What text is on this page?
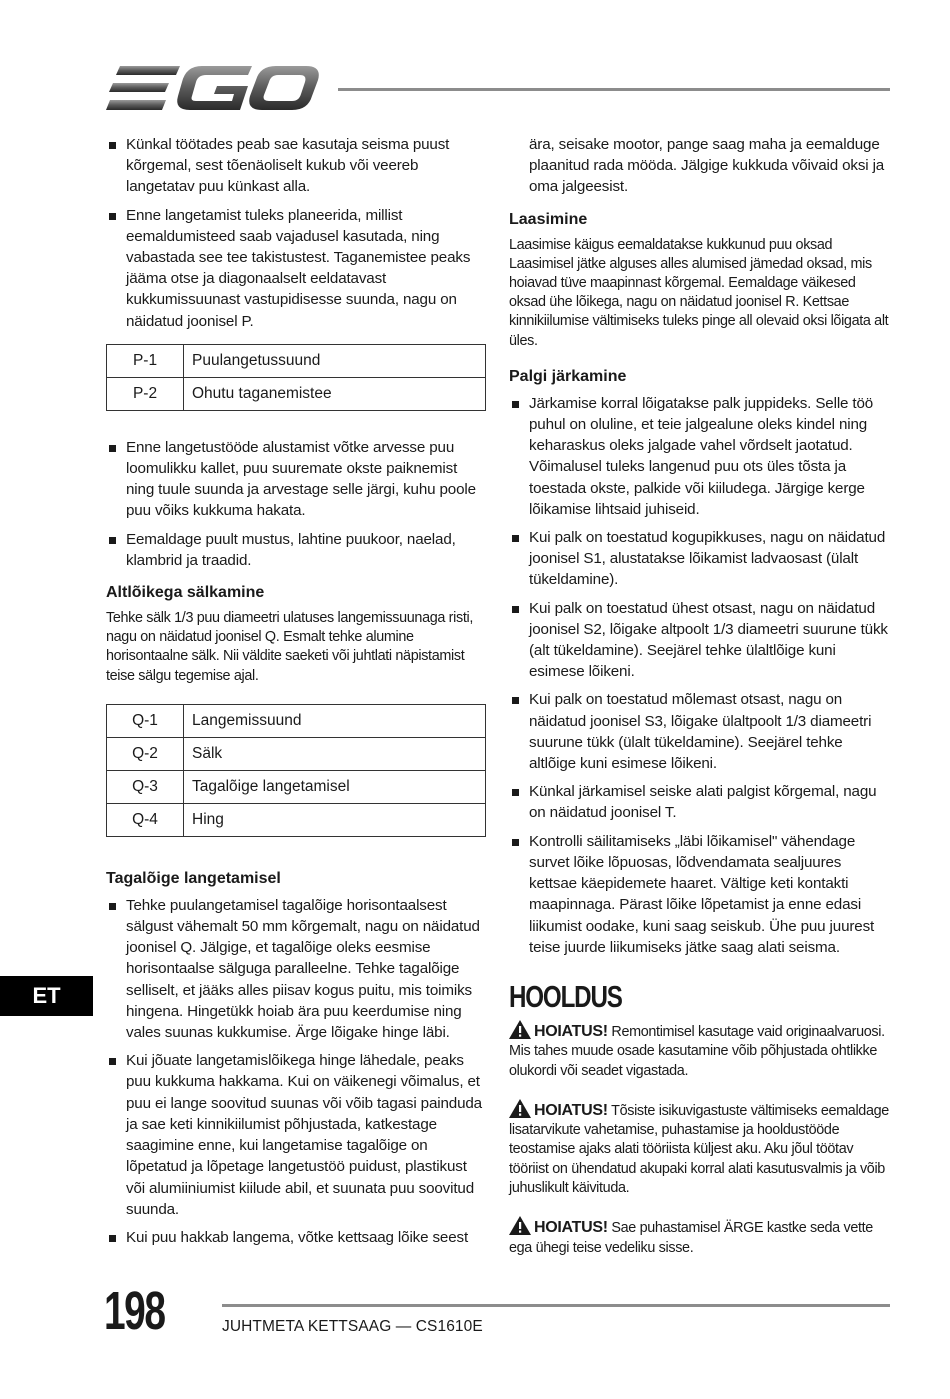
Künkal töötades peab sae kasutaja seisma puust kõrgemal, sest tõenäoliselt kukub või veereb langetatav puu künkast alla.
Enne langetamist tuleks planeerida, millist eemaldumisteed saab vajadusel kasutada, ning vabastada see tee takistustest. Taganemistee peaks jääma otse ja diagonaalselt eeldatavast kukkumissuunast vastupidisesse suunda, nagu on näidatud joonisel P.
P-1	Puulangetussuund
P-2	Ohutu taganemistee
Enne langetustööde alustamist võtke arvesse puu loomulikku kallet, puu suuremate okste paiknemist ning tuule suunda ja arvestage selle järgi, kuhu poole puu võiks kukkuma hakata.
Eemaldage puult mustus, lahtine puukoor, naelad, klambrid ja traadid.
Altlõikega sälkamine

Tehke sälk 1/3 puu diameetri ulatuses langemissuunaga risti, nagu on näidatud joonisel Q. Esmalt tehke alumine horisontaalne sälk. Nii väldite saeketi või juhtlati näpistamist teise sälgu tegemise ajal.

Q-1	Langemissuund
Q-2	Sälk
Q-3	Tagalõige langetamisel
Q-4	Hing
Tagalõige langetamisel
Tehke puulangetamisel tagalõige horisontaalsest sälgust vähemalt 50 mm kõrgemalt, nagu on näidatud joonisel Q. Jälgige, et tagalõige oleks eesmise horisontaalse sälguga paralleelne. Tehke tagalõige selliselt, et jääks alles piisav kogus puitu, mis toimiks hingena. Hingetükk hoiab ära puu keerdumise ning vales suunas kukkumise. Ärge lõigake hinge läbi.
Kui jõuate langetamislõikega hinge lähedale, peaks puu kukkuma hakkama. Kui on väikenegi võimalus, et puu ei lange soovitud suunas või võib tagasi painduda ja sae keti kinnikiilumist põhjustada, katkestage saagimine enne, kui langetamise tagalõige on lõpetatud ja lõpetage langetustöö puidust, plastikust või alumiiniumist kiilude abil, et suunata puu soovitud suunda.
Kui puu hakkab langema, võtke kettsaag lõike seest
ära, seisake mootor, pange saag maha ja eemalduge plaanitud rada mööda. Jälgige kukkuda võivaid oksi ja oma jalgeesist.
Laasimine

Laasimise käigus eemaldatakse kukkunud puu oksad Laasimisel jätke alguses alles alumised jämedad oksad, mis hoiavad tüve maapinnast kõrgemal. Eemaldage väikesed oksad ühe lõikega, nagu on näidatud joonisel R. Kettsae kinnikiilumise vältimiseks tuleks pinge all olevaid oksi lõigata alt üles.

Palgi järkamine
Järkamise korral lõigatakse palk juppideks. Selle töö puhul on oluline, et teie jalgealune oleks kindel ning keharaskus oleks jalgade vahel võrdselt jaotatud. Võimalusel tuleks langenud puu ots üles tõsta ja toestada okste, palkide või kiiludega. Järgige kerge lõikamise lihtsaid juhiseid.
Kui palk on toestatud kogupikkuses, nagu on näidatud joonisel S1, alustatakse lõikamist ladvaosast (ülalt tükeldamine).
Kui palk on toestatud ühest otsast, nagu on näidatud joonisel S2, lõigake altpoolt 1/3 diameetri suurune tükk (alt tükeldamine). Seejärel tehke ülaltlõige kuni esimese lõikeni.
Kui palk on toestatud mõlemast otsast, nagu on näidatud joonisel S3, lõigake ülaltpoolt 1/3 diameetri suurune tükk (ülalt tükeldamine). Seejärel tehke altlõige kuni esimese lõikeni.
Künkal järkamisel seiske alati palgist kõrgemal, nagu on näidatud joonisel T.
Kontrolli säilitamiseks „läbi lõikamisel" vähendage survet lõike lõpuosas, lõdvendamata sealjuures kettsae käepidemete haaret. Vältige keti kontakti maapinnaga. Pärast lõike lõpetamist ja enne edasi liikumist oodake, kuni saag seiskub. Ühe puu juurest teise juurde liikumiseks jätke saag alati seisma.
HOOLDUS
HOIATUS! Remontimisel kasutage vaid originaalvaruosi. Mis tahes muude osade kasutamine võib põhjustada ohtlikke olukordi või seadet vigastada.
HOIATUS! Tõsiste isikuvigastuste vältimiseks eemaldage lisatarvikute vahetamise, puhastamise ja hooldustööde teostamise ajaks alati tööriista küljest aku. Aku jõul töötav tööriist on ühendatud akupaki korral alati kasutusvalmis ja võib juhuslikult käivituda.
HOIATUS! Sae puhastamisel ÄRGE kastke seda vette ega ühegi teise vedeliku sisse.
ET
198	JUHTMETA KETTSAAG — CS1610E
